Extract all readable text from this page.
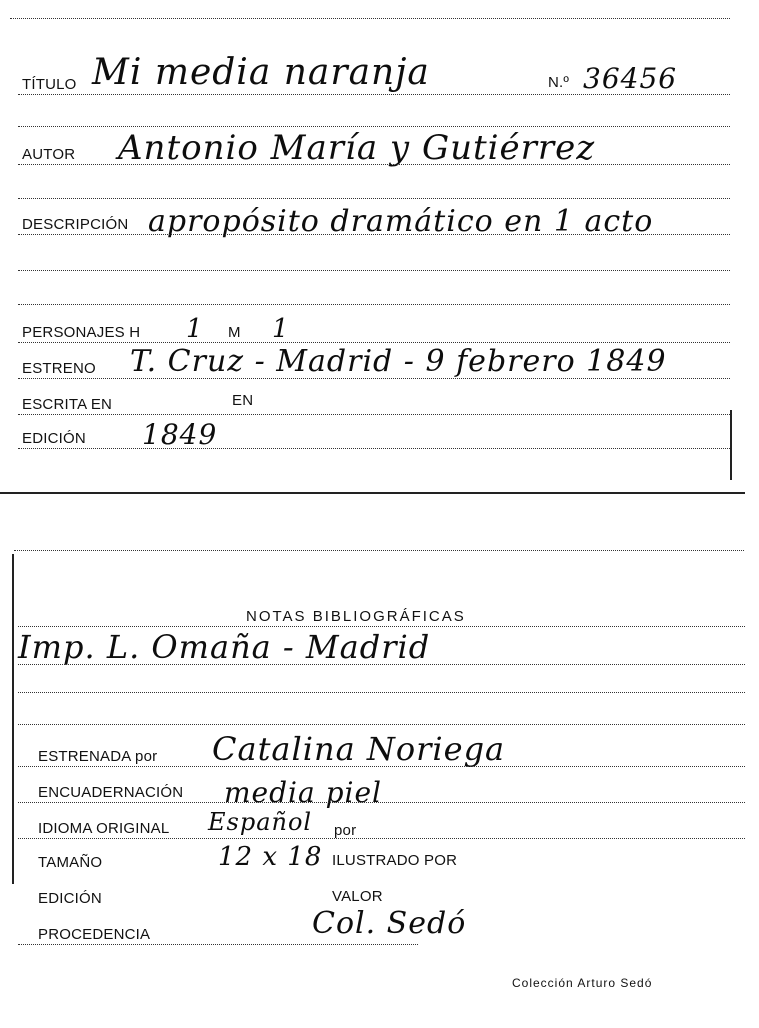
TÍTULO Mi media naranja	N.º 36456
AUTOR Antonio María y Gutiérrez
DESCRIPCIÓN apropósito dramático en 1 acto
PERSONAJES H 1 M 1
ESTRENO T. Cruz - Madrid - 9 febrero 1849
ESCRITA EN	EN
EDICIÓN 1849
NOTAS BIBLIOGRÁFICAS
Imp. L. Omaña - Madrid
ESTRENADA por Catalina Noriega
ENCUADERNACIÓN media piel
IDIOMA ORIGINAL Español por
TAMAÑO	12 x 18 ILUSTRADO POR
EDICIÓN	VALOR
PROCEDENCIA	Col. Sedó
Colección Arturo Sedó
